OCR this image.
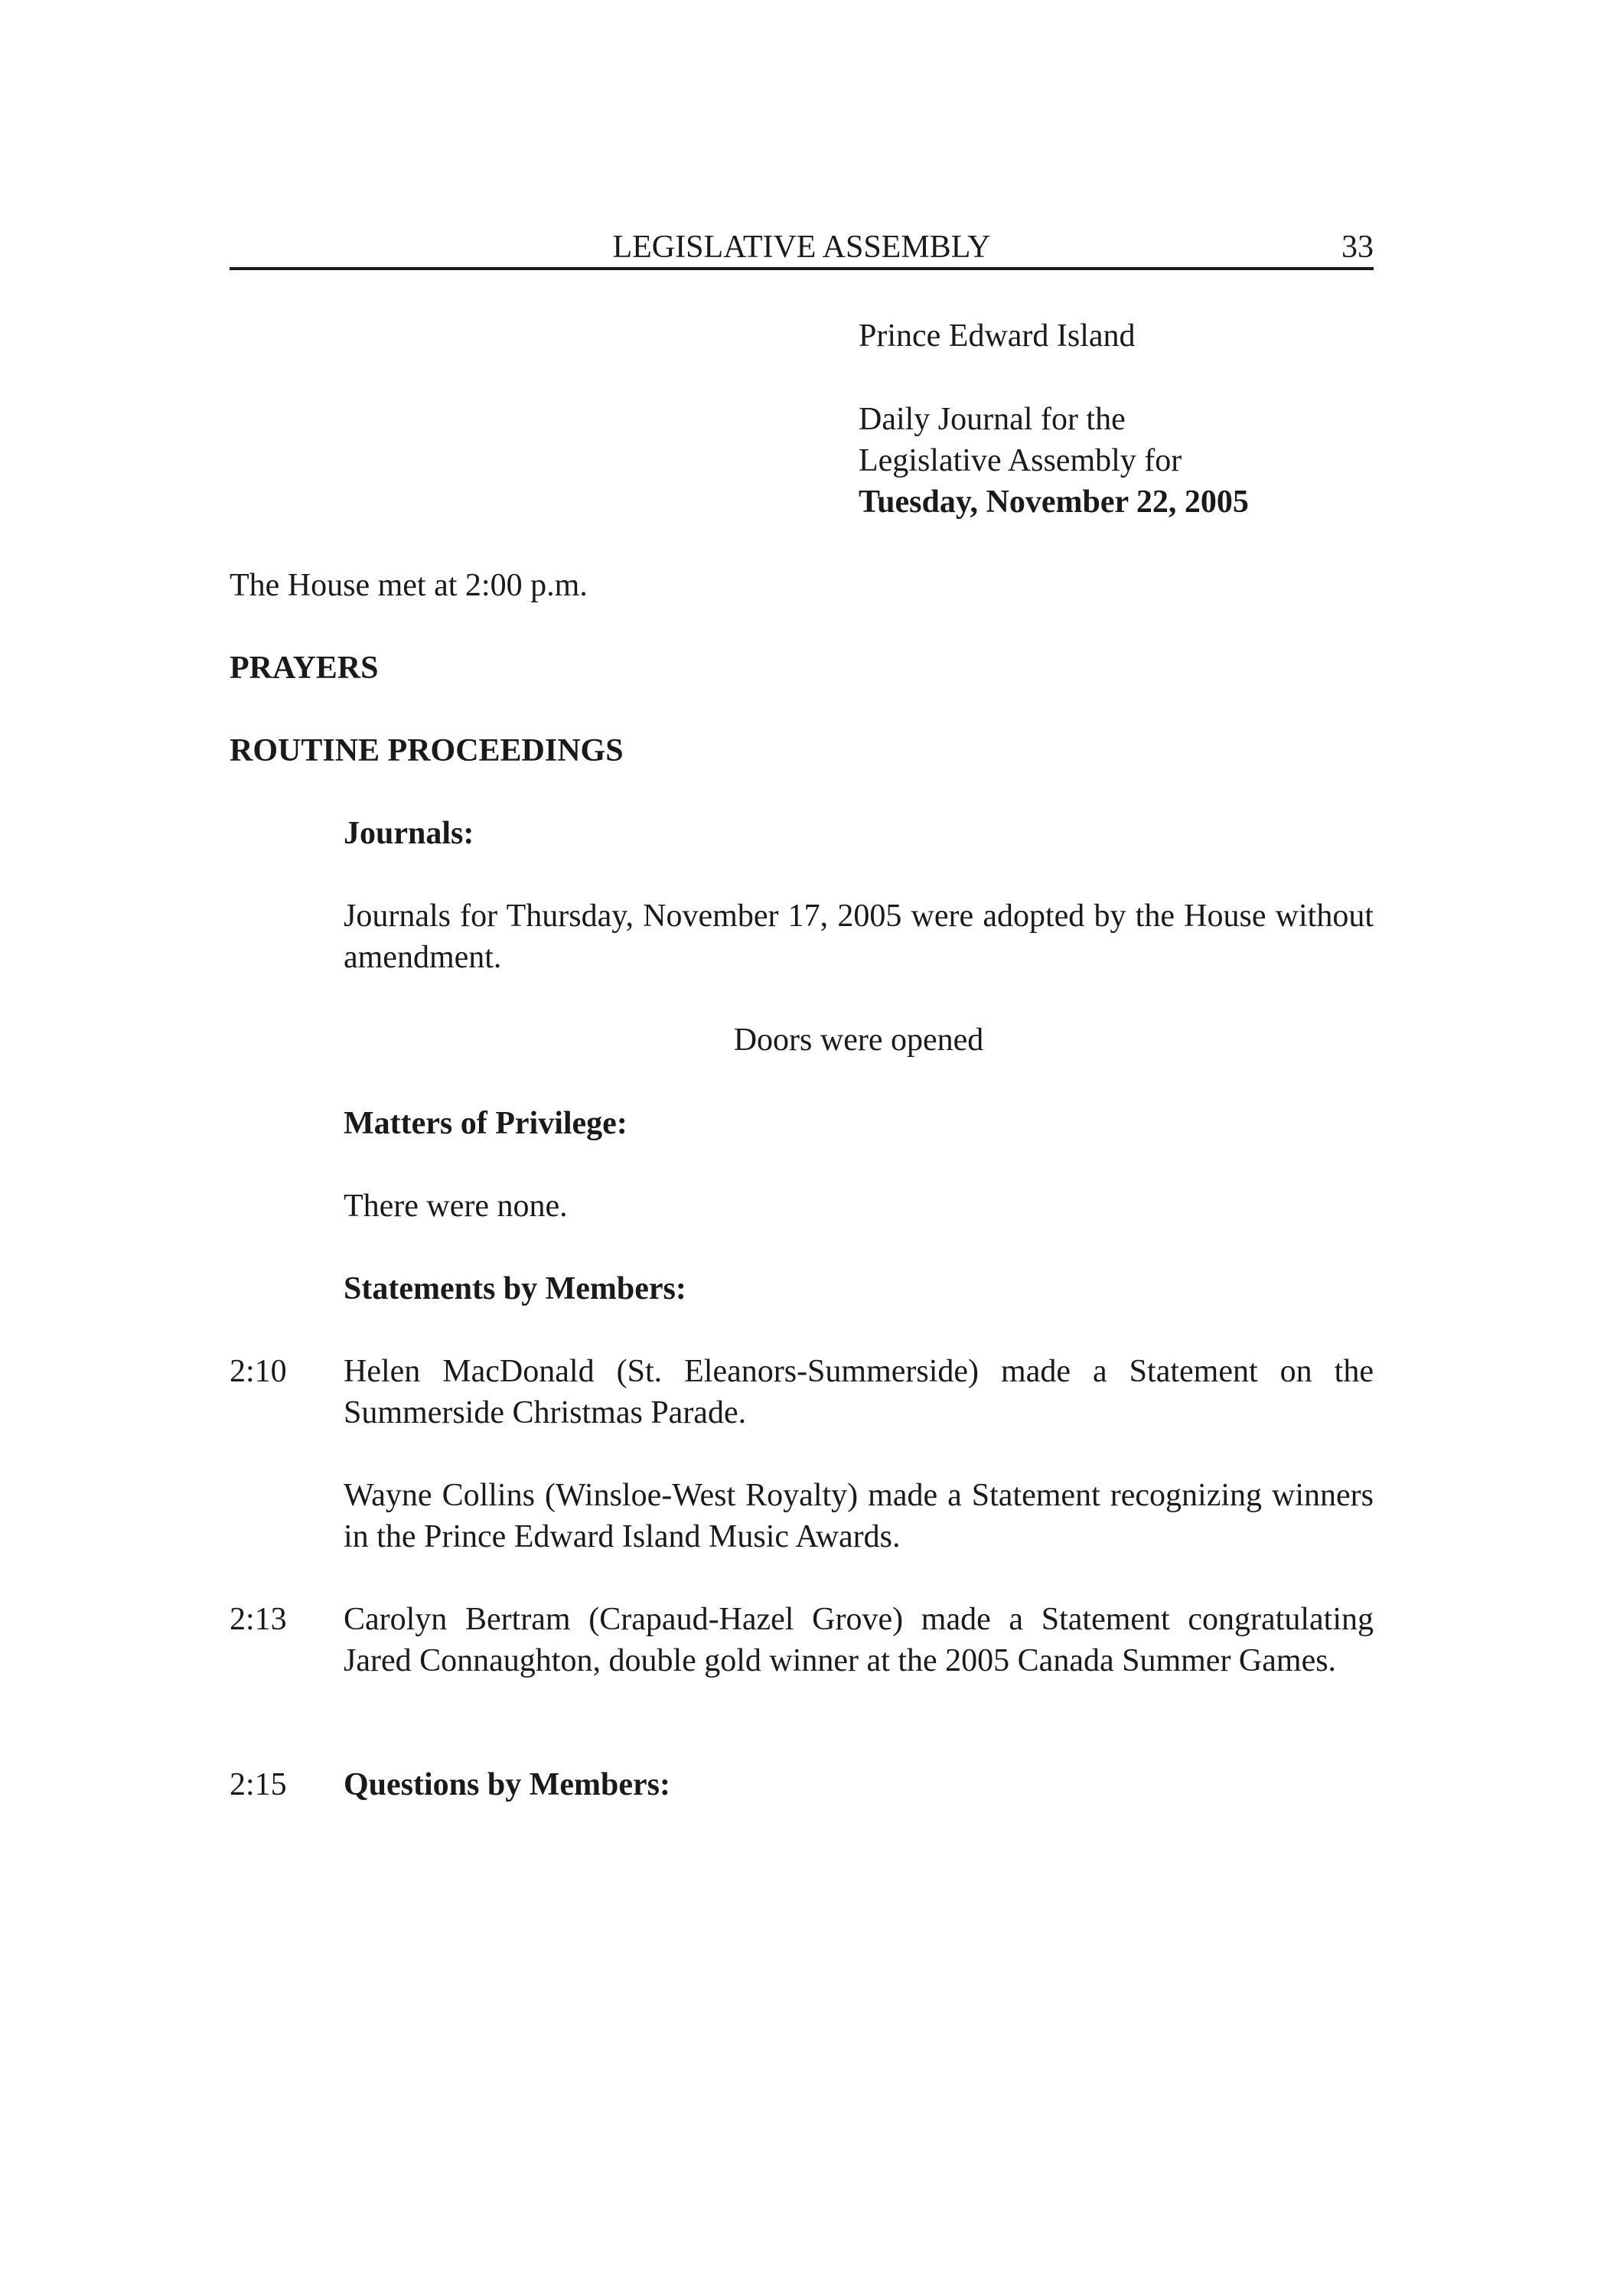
LEGISLATIVE ASSEMBLY	33
Prince Edward Island
Daily Journal for the
Legislative Assembly for
Tuesday, November 22, 2005
The House met at 2:00 p.m.
PRAYERS
ROUTINE PROCEEDINGS
Journals:
Journals for Thursday, November 17, 2005 were adopted by the House without amendment.
Doors were opened
Matters of Privilege:
There were none.
Statements by Members:
2:10 Helen MacDonald (St. Eleanors-Summerside) made a Statement on the Summerside Christmas Parade.
Wayne Collins (Winsloe-West Royalty) made a Statement recognizing winners in the Prince Edward Island Music Awards.
2:13 Carolyn Bertram (Crapaud-Hazel Grove) made a Statement congratulating Jared Connaughton, double gold winner at the 2005 Canada Summer Games.
2:15 Questions by Members:
